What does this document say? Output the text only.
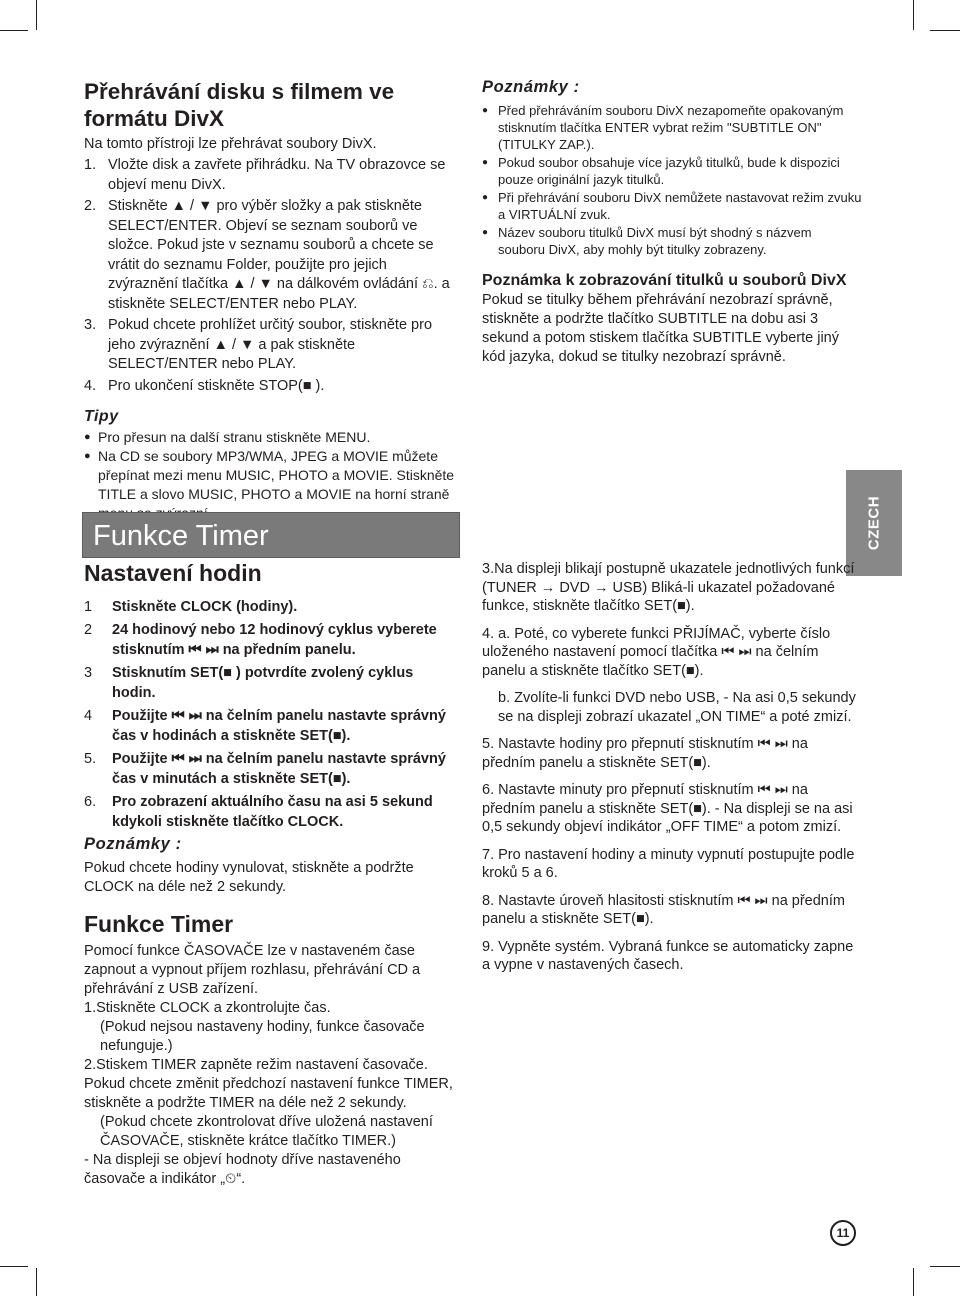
Přehrávání disku s filmem ve formátu DivX

Na tomto přístroji lze přehrávat soubory DivX.

1. Vložte disk a zavřete přihrádku. Na TV obrazovce se objeví menu DivX.
2. Stiskněte ▲ / ▼ pro výběr složky a pak stiskněte SELECT/ENTER. Objeví se seznam souborů ve složce. Pokud jste v seznamu souborů a chcete se vrátit do seznamu Folder, použijte pro jejich zvýraznění tlačítka ▲ / ▼ na dálkovém ovládání ⎌. a stiskněte SELECT/ENTER nebo PLAY.
3. Pokud chcete prohlížet určitý soubor, stiskněte pro jeho zvýraznění ▲ / ▼ a pak stiskněte SELECT/ENTER nebo PLAY.
4. Pro ukončení stiskněte STOP(■ ).
Tipy
● Pro přesun na další stranu stiskněte MENU.
● Na CD se soubory MP3/WMA, JPEG a MOVIE můžete přepínat mezi menu MUSIC, PHOTO a MOVIE. Stiskněte TITLE a slovo MUSIC, PHOTO a MOVIE na horní straně
Poznámky :
● Před přehráváním souboru DivX nezapomeňte opakovaným stisknutím tlačítka ENTER vybrat režim "SUBTITLE ON" (TITULKY ZAP.).
● Pokud soubor obsahuje více jazyků titulků, bude k dispozici pouze originální jazyk titulků.
● Při přehrávání souboru DivX nemůžete nastavovat režim zvuku a VIRTUÁLNÍ zvuk.
● Název souboru titulků DivX musí být shodný s názvem souboru DivX, aby mohly být titulky zobrazeny.
Poznámka k zobrazování titulků u souborů DivX

Pokud se titulky během přehrávání nezobrazí správně, stiskněte a podržte tlačítko SUBTITLE na dobu asi 3 sekund a potom stiskem tlačítka SUBTITLE vyberte jiný kód jazyka, dokud se titulky nezobrazí správně.

Funkce Timer	CZECH
Nastavení hodin
1 Stiskněte CLOCK (hodiny).
2 24 hodinový nebo 12 hodinový cyklus vyberete stisknutím ⏮ ⏭ na předním panelu.
3 Stisknutím SET(■ ) potvrdíte zvolený cyklus hodin.
4 Použijte ⏮ ⏭ na čelním panelu nastavte správný čas v hodinách a stiskněte SET(■).
5. Použijte ⏮ ⏭ na čelním panelu nastavte správný čas v minutách a stiskněte SET(■).
6. Pro zobrazení aktuálního času na asi 5 sekund kdykoli stiskněte tlačítko CLOCK.
Poznámky :

Pokud chcete hodiny vynulovat, stiskněte a podržte CLOCK na déle než 2 sekundy.

Funkce Timer

Pomocí funkce ČASOVAČE lze v nastaveném čase zapnout a vypnout příjem rozhlasu, přehrávání CD a přehrávání z USB zařízení.

1.Stiskněte CLOCK a zkontrolujte čas.

(Pokud nejsou nastaveny hodiny, funkce časovače nefunguje.)

2.Stiskem TIMER zapněte režim nastavení časovače. Pokud chcete změnit předchozí nastavení funkce TIMER, stiskněte a podržte TIMER na déle než 2 sekundy.

(Pokud chcete zkontrolovat dříve uložená nastavení ČASOVAČE, stiskněte krátce tlačítko TIMER.)

- Na displeji se objeví hodnoty dříve nastaveného časovače a indikátor „⏲“.

3.Na displeji blikají postupně ukazatele jednotlivých funkcí (TUNER → DVD → USB) Bliká-li ukazatel požadované funkce, stiskněte tlačítko SET(■).

4. a. Poté, co vyberete funkci PŘIJÍMAČ, vyberte číslo uloženého nastavení pomocí tlačítka ⏮ ⏭ na čelním panelu a stiskněte tlačítko SET(■).

b. Zvolíte-li funkci DVD nebo USB, - Na asi 0,5 sekundy se na displeji zobrazí ukazatel „ON TIME“ a poté zmizí.

5. Nastavte hodiny pro přepnutí stisknutím ⏮ ⏭ na předním panelu a stiskněte SET(■).

6. Nastavte minuty pro přepnutí stisknutím ⏮ ⏭ na předním panelu a stiskněte SET(■). - Na displeji se na asi 0,5 sekundy objeví indikátor „OFF TIME“ a potom zmizí.

7. Pro nastavení hodiny a minuty vypnutí postupujte podle kroků 5 a 6.

8. Nastavte úroveň hlasitosti stisknutím ⏮ ⏭ na předním panelu a stiskněte SET(■).

9. Vypněte systém. Vybraná funkce se automaticky zapne a vypne v nastavených časech.

11
